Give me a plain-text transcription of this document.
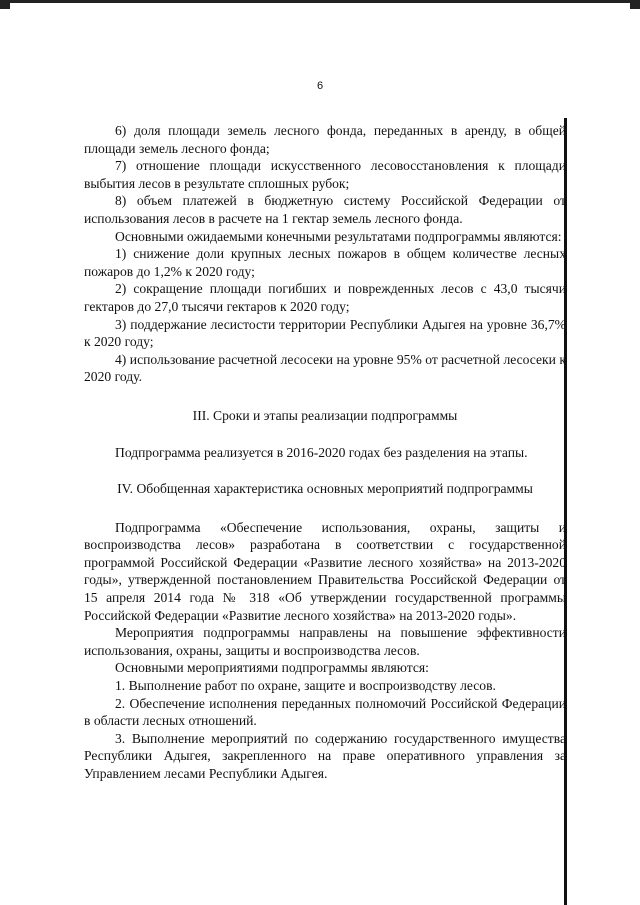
6

6) доля площади земель лесного фонда, переданных в аренду, в общей площади земель лесного фонда;

7) отношение площади искусственного лесовосстановления к площади выбытия лесов в результате сплошных рубок;

8) объем платежей в бюджетную систему Российской Федерации от использования лесов в расчете на 1 гектар земель лесного фонда.

Основными ожидаемыми конечными результатами подпрограммы являются:

1) снижение доли крупных лесных пожаров в общем количестве лесных пожаров до 1,2% к 2020 году;

2) сокращение площади погибших и поврежденных лесов с 43,0 тысячи гектаров до 27,0 тысячи гектаров к 2020 году;

3) поддержание лесистости территории Республики Адыгея на уровне 36,7% к 2020 году;

4) использование расчетной лесосеки на уровне 95% от расчетной лесосеки к 2020 году.

III. Сроки и этапы реализации подпрограммы

Подпрограмма реализуется в 2016-2020 годах без разделения на этапы.

IV. Обобщенная характеристика основных мероприятий подпрограммы

Подпрограмма «Обеспечение использования, охраны, защиты и воспроизводства лесов» разработана в соответствии с государственной программой Российской Федерации «Развитие лесного хозяйства» на 2013-2020 годы», утвержденной постановлением Правительства Российской Федерации от 15 апреля 2014 года № 318 «Об утверждении государственной программы Российской Федерации «Развитие лесного хозяйства» на 2013-2020 годы».

Мероприятия подпрограммы направлены на повышение эффективности использования, охраны, защиты и воспроизводства лесов.

Основными мероприятиями подпрограммы являются:

1. Выполнение работ по охране, защите и воспроизводству лесов.

2. Обеспечение исполнения переданных полномочий Российской Федерации в области лесных отношений.

3. Выполнение мероприятий по содержанию государственного имущества Республики Адыгея, закрепленного на праве оперативного управления за Управлением лесами Республики Адыгея.
